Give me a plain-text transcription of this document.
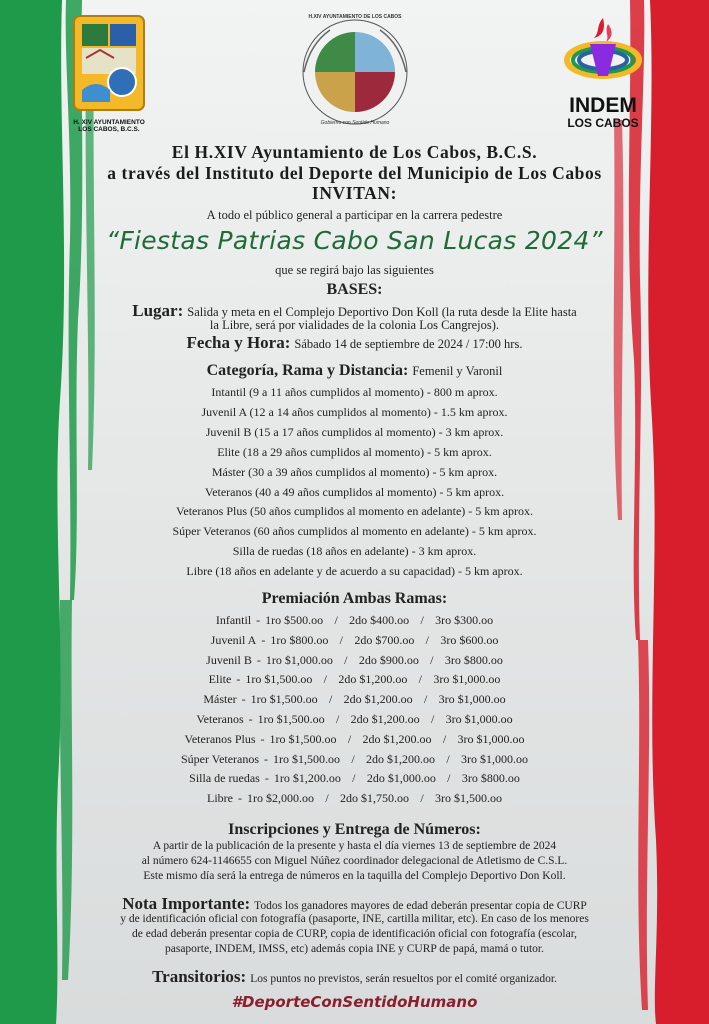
H. XIV AYUNTAMIENTO
LOS CABOS, B.C.S.
H.XIV AYUNTAMIENTO DE LOS CABOS
Gobierno con Sentido Humano
INDEM
LOS CABOS
El H.XIV Ayuntamiento de Los Cabos, B.C.S.
a través del Instituto del Deporte del Municipio de Los Cabos
INVITAN:
A todo el público general a participar en la carrera pedestre
“Fiestas Patrias Cabo San Lucas 2024”
que se regirá bajo las siguientes
BASES:
Lugar: Salida y meta en el Complejo Deportivo Don Koll (la ruta desde la Elite hasta
la Libre, será por vialidades de la colonia Los Cangrejos).
Fecha y Hora: Sábado 14 de septiembre de 2024 / 17:00 hrs.
Categoría, Rama y Distancia: Femenil y Varonil
Intantil (9 a 11 años cumplidos al momento) - 800 m aprox.
Juvenil A (12 a 14 años cumplidos al momento) - 1.5 km aprox.
Juvenil B (15 a 17 años cumplidos al momento) - 3 km aprox.
Elite (18 a 29 años cumplidos al momento) - 5 km aprox.
Máster (30 a 39 años cumplidos al momento) - 5 km aprox.
Veteranos (40 a 49 años cumplidos al momento) - 5 km aprox.
Veteranos Plus (50 años cumplidos al momento en adelante) - 5 km aprox.
Súper Veteranos (60 años cumplidos al momento en adelante) - 5 km aprox.
Silla de ruedas (18 años en adelante) - 3 km aprox.
Libre (18 años en adelante y de acuerdo a su capacidad) - 5 km aprox.
Premiación Ambas Ramas:
Infantil-1ro $500.oo / 2do $400.oo / 3ro $300.oo
Juvenil A-1ro $800.oo / 2do $700.oo / 3ro $600.oo
Juvenil B-1ro $1,000.oo / 2do $900.oo / 3ro $800.oo
Elite-1ro $1,500.oo / 2do $1,200.oo / 3ro $1,000.oo
Máster-1ro $1,500.oo / 2do $1,200.oo / 3ro $1,000.oo
Veteranos-1ro $1,500.oo / 2do $1,200.oo / 3ro $1,000.oo
Veteranos Plus-1ro $1,500.oo / 2do $1,200.oo / 3ro $1,000.oo
Súper Veteranos-1ro $1,500.oo / 2do $1,200.oo / 3ro $1,000.oo
Silla de ruedas-1ro $1,200.oo / 2do $1,000.oo / 3ro $800.oo
Libre-1ro $2,000.oo / 2do $1,750.oo / 3ro $1,500.oo
Inscripciones y Entrega de Números:
A partir de la publicación de la presente y hasta el día viernes 13 de septiembre de 2024
al número 624-1146655 con Miguel Núñez coordinador delegacional de Atletismo de C.S.L.
Este mismo día será la entrega de números en la taquilla del Complejo Deportivo Don Koll.
Nota Importante: Todos los ganadores mayores de edad deberán presentar copia de CURP
y de identificación oficial con fotografía (pasaporte, INE, cartilla militar, etc). En caso de los menores
de edad deberán presentar copia de CURP, copia de identificación oficial con fotografía (escolar,
pasaporte, INDEM, IMSS, etc) además copia INE y CURP de papá, mamá o tutor.
Transitorios: Los puntos no previstos, serán resueltos por el comité organizador.
#DeporteConSentidoHumano
